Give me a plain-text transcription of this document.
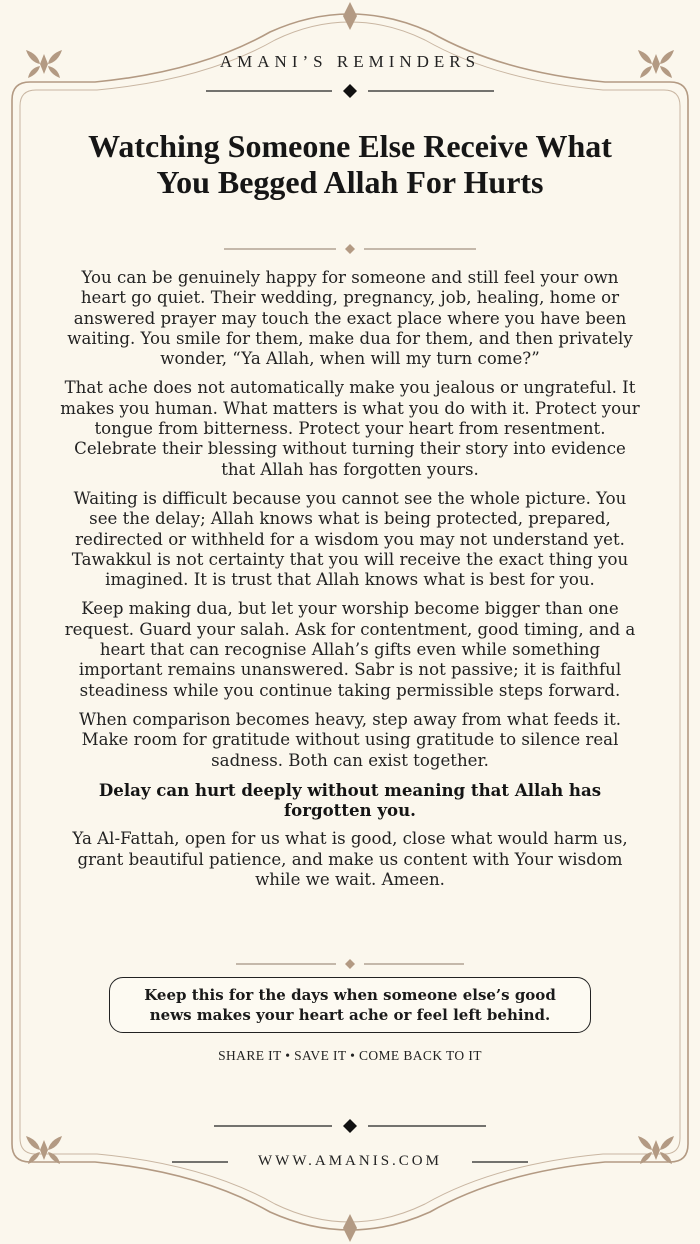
AMANI’S REMINDERS
Watching Someone Else Receive What You Begged Allah For Hurts

You can be genuinely happy for someone and still feel your own heart go quiet. Their wedding, pregnancy, job, healing, home or answered prayer may touch the exact place where you have been waiting. You smile for them, make dua for them, and then privately wonder, “Ya Allah, when will my turn come?”

That ache does not automatically make you jealous or ungrateful. It makes you human. What matters is what you do with it. Protect your tongue from bitterness. Protect your heart from resentment. Celebrate their blessing without turning their story into evidence that Allah has forgotten yours.

Waiting is difficult because you cannot see the whole picture. You see the delay; Allah knows what is being protected, prepared, redirected or withheld for a wisdom you may not understand yet. Tawakkul is not certainty that you will receive the exact thing you imagined. It is trust that Allah knows what is best for you.

Keep making dua, but let your worship become bigger than one request. Guard your salah. Ask for contentment, good timing, and a heart that can recognise Allah’s gifts even while something important remains unanswered. Sabr is not passive; it is faithful steadiness while you continue taking permissible steps forward.

When comparison becomes heavy, step away from what feeds it. Make room for gratitude without using gratitude to silence real sadness. Both can exist together.

Delay can hurt deeply without meaning that Allah has forgotten you.

Ya Al-Fattah, open for us what is good, close what would harm us, grant beautiful patience, and make us content with Your wisdom while we wait. Ameen.

Keep this for the days when someone else’s good news makes your heart ache or feel left behind.
SHARE IT • SAVE IT • COME BACK TO IT
WWW.AMANIS.COM
